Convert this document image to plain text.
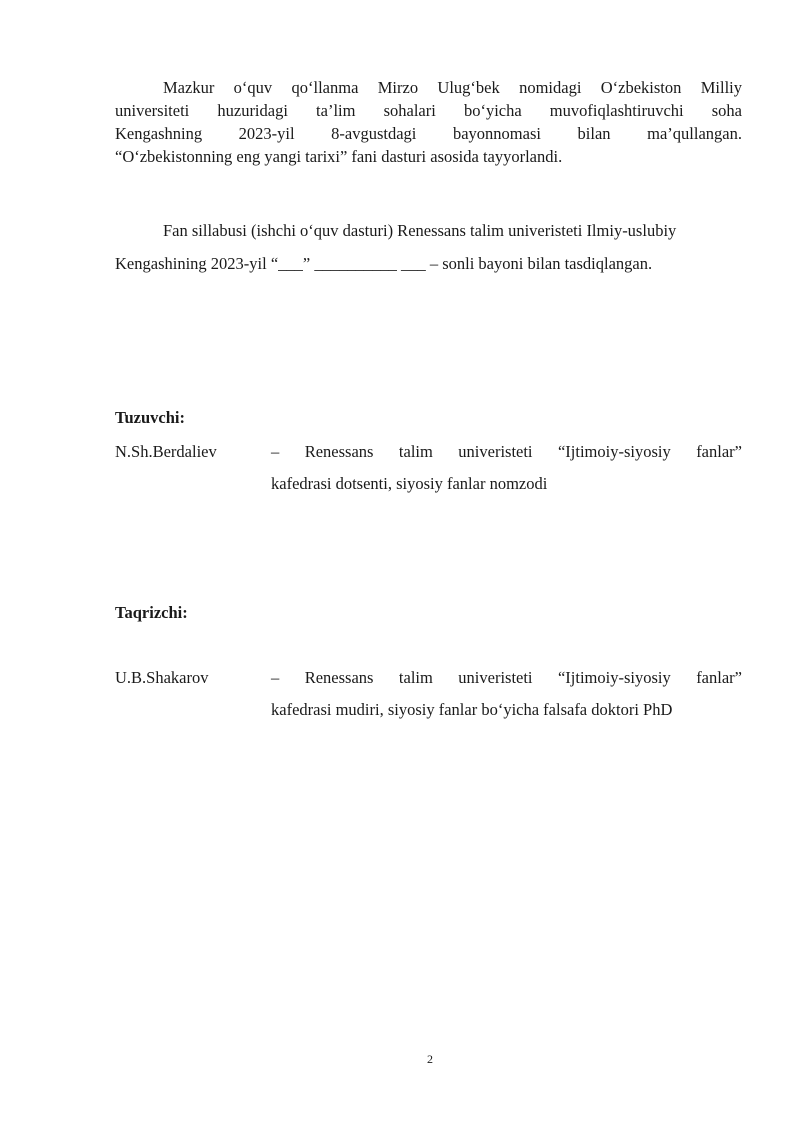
Mazkur o‘quv qo‘llanma Mirzo Ulug‘bek nomidagi O‘zbekiston Milliy
universiteti huzuridagi ta’lim sohalari bo‘yicha muvofiqlashtiruvchi soha
Kengashning 2023-yil 8-avgustdagi bayonnomasi bilan ma’qullangan.
“O‘zbekistonning eng yangi tarixi” fani dasturi asosida tayyorlandi.
Fan sillabusi (ishchi o‘quv dasturi) Renessans talim univeristeti Ilmiy-uslubiy
Kengashining 2023-yil “___” __________ ___ – sonli bayoni bilan tasdiqlangan.

Tuzuvchi:

N.Sh.Berdaliev	– Renessans talim univeristeti “Ijtimoiy-siyosiy fanlar”
kafedrasi dotsenti, siyosiy fanlar nomzodi

Taqrizchi:

U.B.Shakarov	– Renessans talim univeristeti “Ijtimoiy-siyosiy fanlar”
kafedrasi mudiri, siyosiy fanlar bo‘yicha falsafa doktori PhD
2
